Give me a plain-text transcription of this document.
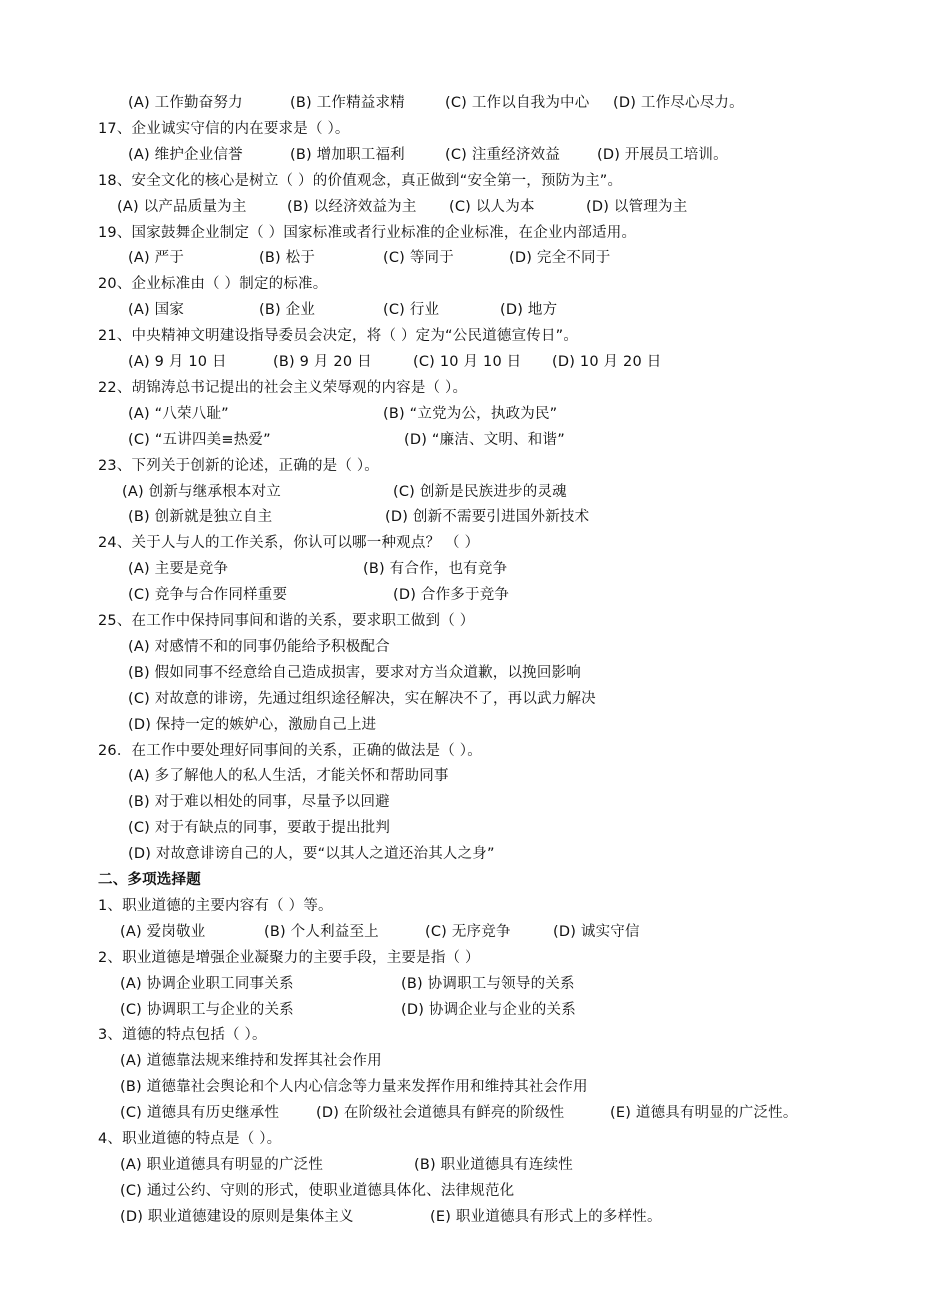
(A) 工作勤奋努力	(B) 工作精益求精	(C) 工作以自我为中心 (D) 工作尽心尽力。
17、企业诚实守信的内在要求是（ ）。
(A) 维护企业信誉	(B) 增加职工福利	(C) 注重经济效益	(D) 开展员工培训。
18、安全文化的核心是树立（ ）的价值观念，真正做到“安全第一，预防为主”。
(A) 以产品质量为主	(B) 以经济效益为主 (C) 以人为本	(D) 以管理为主
19、国家鼓舞企业制定（ ）国家标准或者行业标准的企业标准，在企业内部适用。
(A) 严于	(B) 松于	(C) 等同于	(D) 完全不同于
20、企业标准由（ ）制定的标准。
(A) 国家	(B) 企业	(C) 行业	(D) 地方
21、中央精神文明建设指导委员会决定，将（ ）定为“公民道德宣传日”。
(A) 9 月 10 日	(B) 9 月 20 日	(C) 10 月 10 日 (D) 10 月 20 日
22、胡锦涛总书记提出的社会主义荣辱观的内容是（ ）。
(A) “八荣八耻”	(B) “立党为公，执政为民”
(C) “五讲四美≡热爱”	(D) “廉洁、文明、和谐”
23、下列关于创新的论述，正确的是（ ）。
(A) 创新与继承根本对立	(C) 创新是民族进步的灵魂
(B) 创新就是独立自主	(D) 创新不需要引进国外新技术
24、关于人与人的工作关系，你认可以哪一种观点？ （ ）
(A) 主要是竞争	(B) 有合作，也有竞争
(C) 竞争与合作同样重要	(D) 合作多于竞争
25、在工作中保持同事间和谐的关系，要求职工做到（ ）
(A) 对感情不和的同事仍能给予积极配合
(B) 假如同事不经意给自己造成损害，要求对方当众道歉，以挽回影响
(C) 对故意的诽谤，先通过组织途径解决，实在解决不了，再以武力解决
(D) 保持一定的嫉妒心，激励自己上进
26．在工作中要处理好同事间的关系，正确的做法是（ ）。
(A) 多了解他人的私人生活，才能关怀和帮助同事
(B) 对于难以相处的同事，尽量予以回避
(C) 对于有缺点的同事，要敢于提出批判
(D) 对故意诽谤自己的人，要“以其人之道还治其人之身”
二、多项选择题
1、职业道德的主要内容有（ ）等。
(A) 爱岗敬业	(B) 个人利益至上	(C) 无序竞争	(D) 诚实守信
2、职业道德是增强企业凝聚力的主要手段，主要是指（ ）
(A) 协调企业职工同事关系	(B) 协调职工与领导的关系
(C) 协调职工与企业的关系	(D) 协调企业与企业的关系
3、道德的特点包括（ ）。
(A) 道德靠法规来维持和发挥其社会作用
(B) 道德靠社会舆论和个人内心信念等力量来发挥作用和维持其社会作用
(C) 道德具有历史继承性	(D) 在阶级社会道德具有鲜亮的阶级性	(E) 道德具有明显的广泛性。
4、职业道德的特点是（ ）。
(A) 职业道德具有明显的广泛性	(B) 职业道德具有连续性
(C) 通过公约、守则的形式，使职业道德具体化、法律规范化
(D) 职业道德建设的原则是集体主义	(E) 职业道德具有形式上的多样性。
